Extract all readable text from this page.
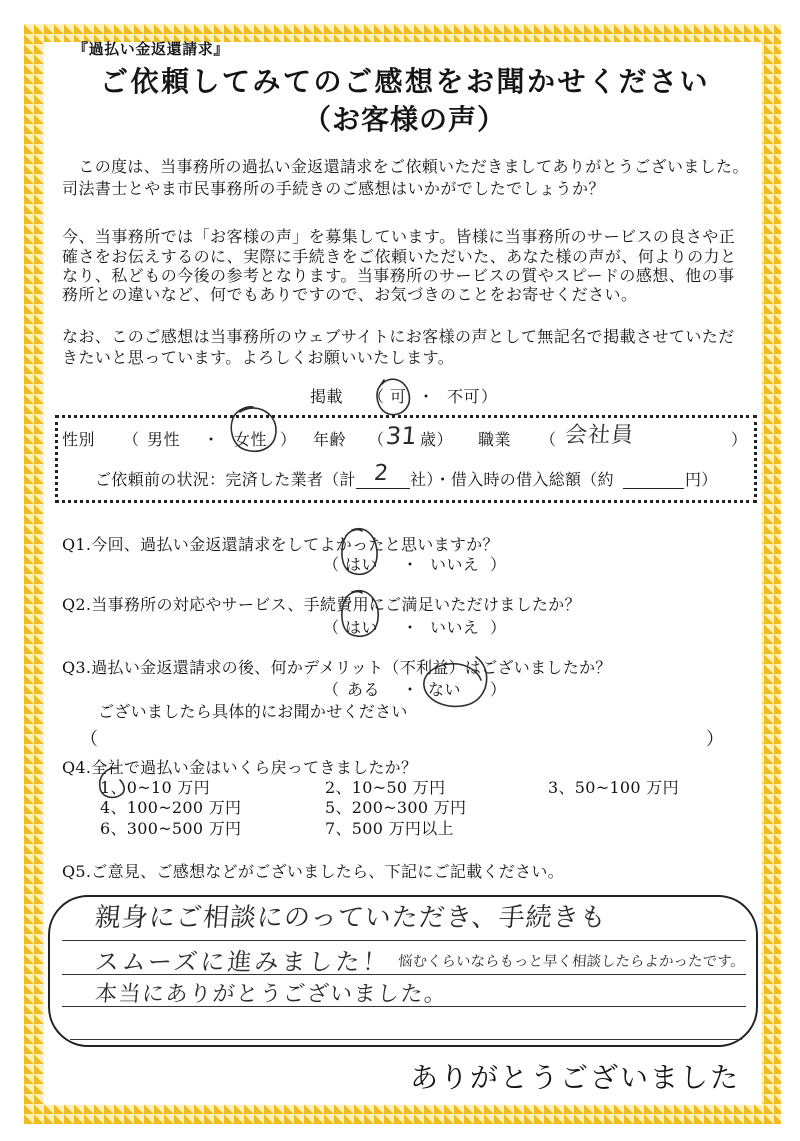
『過払い金返還請求』
ご依頼してみてのご感想をお聞かせください
（お客様の声）
　この度は、当事務所の過払い金返還請求をご依頼いただきましてありがとうございました。
司法書士とやま市民事務所の手続きのご感想はいかがでしたでしょうか？
今、当事務所では「お客様の声」を募集しています。皆様に当事務所のサービスの良さや正
確さをお伝えするのに、実際に手続きをご依頼いただいた、あなた様の声が、何よりの力と
なり、私どもの今後の参考となります。当事務所のサービスの質やスピードの感想、他の事
務所との違いなど、何でもありですので、お気づきのことをお寄せください。
なお、このご感想は当事務所のウェブサイトにお客様の声として無記名で掲載させていただ
きたいと思っています。よろしくお願いいたします。
掲載 （ 可 ・ 不可 ）
性別 （ 男性 ・ 女性 ） 年齢 （ 31 歳） 職業 （ 会社員	）
ご依頼前の状況：完済した業者（計 2 社）・借入時の借入総額（約	円）
Q1.今回、過払い金返還請求をしてよかったと思いますか？
（ はい ・ いいえ ）
Q2.当事務所の対応やサービス、手続費用にご満足いただけましたか？
（ はい ・ いいえ ）
Q3.過払い金返還請求の後、何かデメリット（不利益）はございましたか？
（ ある ・ ない ）
ございましたら具体的にお聞かせください
（	）
Q4.全社で過払い金はいくら戻ってきましたか？
1、0~10 万円	2、10~50 万円	3、50~100 万円
4、100~200 万円	5、200~300 万円
6、300~500 万円	7、500 万円以上
Q5.ご意見、ご感想などがございましたら、下記にご記載ください。
親身にご相談にのっていただき、手続きも
スムーズに進みました！ 悩むくらいならもっと早く相談したらよかったです。
本当にありがとうございました。
ありがとうございました
